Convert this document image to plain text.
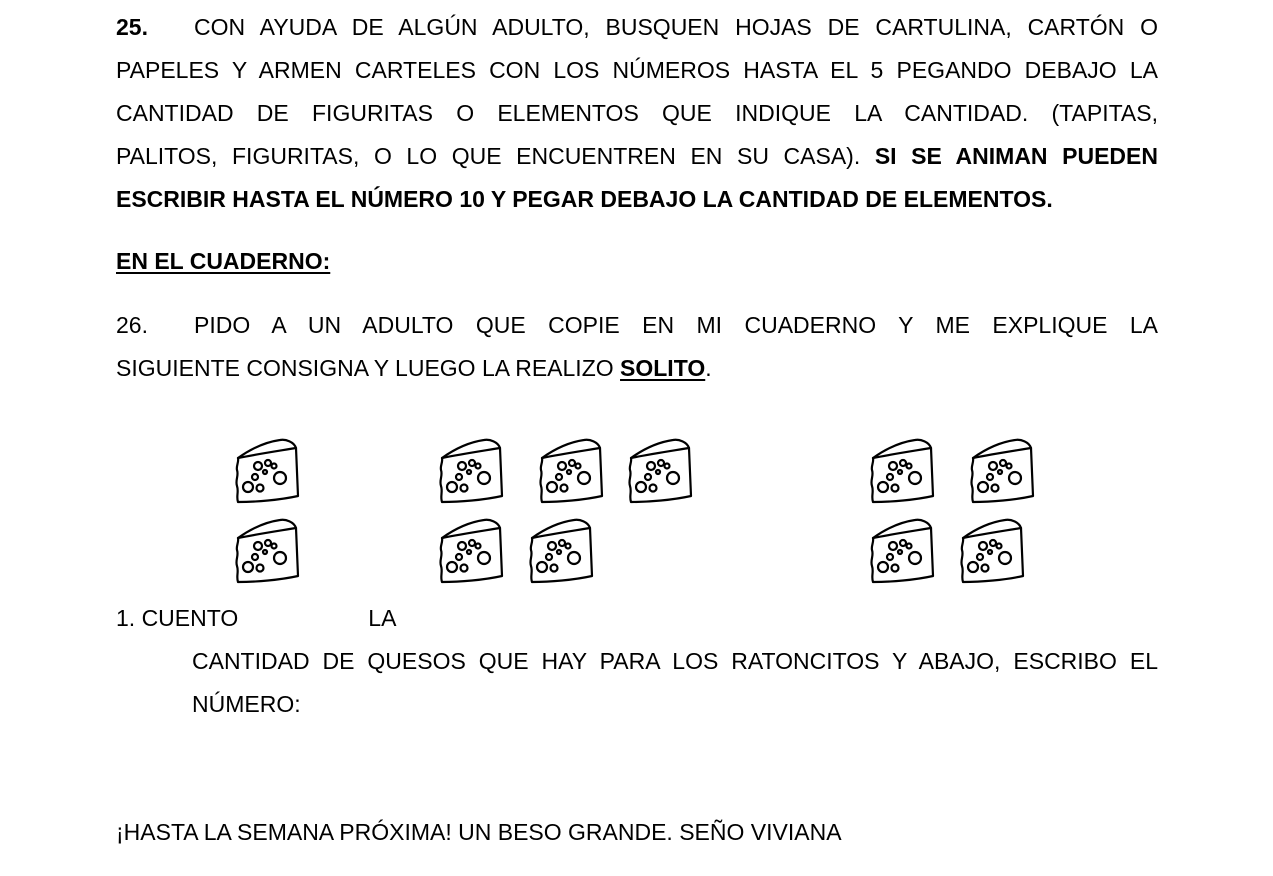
25. CON AYUDA DE ALGÚN ADULTO, BUSQUEN HOJAS DE CARTULINA, CARTÓN O
PAPELES Y ARMEN CARTELES CON LOS NÚMEROS HASTA EL 5 PEGANDO DEBAJO LA
CANTIDAD DE FIGURITAS O ELEMENTOS QUE INDIQUE LA CANTIDAD. (TAPITAS,
PALITOS, FIGURITAS, O LO QUE ENCUENTREN EN SU CASA). SI SE ANIMAN PUEDEN
ESCRIBIR HASTA EL NÚMERO 10 Y PEGAR DEBAJO LA CANTIDAD DE ELEMENTOS.
EN EL CUADERNO:
26. PIDO A UN ADULTO QUE COPIE EN MI CUADERNO Y ME EXPLIQUE LA
SIGUIENTE CONSIGNA Y LUEGO LA REALIZO SOLITO.
1. CUENTO	LA
CANTIDAD DE QUESOS QUE HAY PARA LOS RATONCITOS Y ABAJO, ESCRIBO EL
NÚMERO:
¡HASTA LA SEMANA PRÓXIMA! UN BESO GRANDE. SEÑO VIVIANA
